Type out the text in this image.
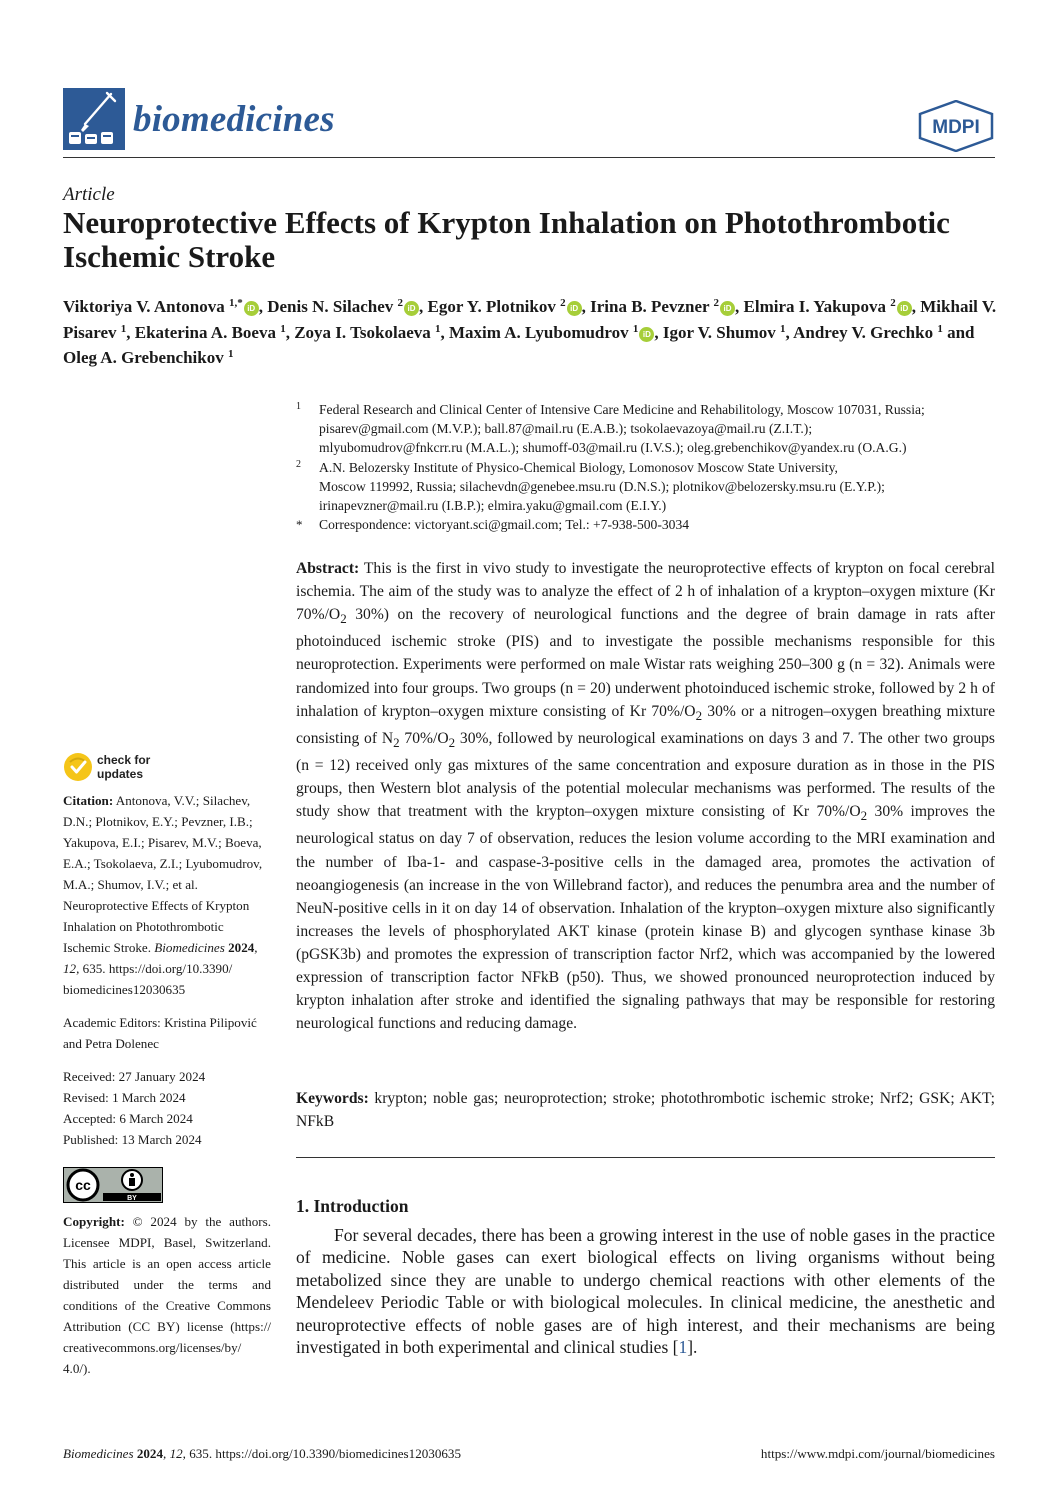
biomedicines	MDPI
Article
Neuroprotective Effects of Krypton Inhalation on Photothrombotic Ischemic Stroke

Viktoriya V. Antonova $^{1,*}$ iD , Denis N. Silachev $^2$ iD , Egor Y. Plotnikov $^2$ iD , Irina B. Pevzner $^2$ iD , Elmira I. Yakupova $^2$ iD , Mikhail V. Pisarev $^1$, Ekaterina A. Boeva $^1$, Zoya I. Tsokolaeva $^1$, Maxim A. Lyubomudrov $^1$ iD , Igor V. Shumov $^1$, Andrey V. Grechko $^1$ and Oleg A. Grebenchikov $^1$

1 Federal Research and Clinical Center of Intensive Care Medicine and Rehabilitology, Moscow 107031, Russia;
pisarev@gmail.com (M.V.P.); ball.87@mail.ru (E.A.B.); tsokolaevazoya@mail.ru (Z.I.T.);
mlyubomudrov@fnkcrr.ru (M.A.L.); shumoff-03@mail.ru (I.V.S.); oleg.grebenchikov@yandex.ru (O.A.G.)
2 A.N. Belozersky Institute of Physico-Chemical Biology, Lomonosov Moscow State University,
Moscow 119992, Russia; silachevdn@genebee.msu.ru (D.N.S.); plotnikov@belozersky.msu.ru (E.Y.P.);
irinapevzner@mail.ru (I.B.P.); elmira.yaku@gmail.com (E.I.Y.)
* Correspondence: victoryant.sci@gmail.com; Tel.: +7-938-500-3034

Abstract: This is the first in vivo study to investigate the neuroprotective effects of krypton on focal cerebral ischemia. The aim of the study was to analyze the effect of 2 h of inhalation of a krypton–oxygen mixture (Kr $70\%/O_2$ 30%) on the recovery of neurological functions and the degree of brain damage in rats after photoinduced ischemic stroke (PIS) and to investigate the possible mechanisms responsible for this neuroprotection. Experiments were performed on male Wistar rats weighing 250–300 g (n = 32). Animals were randomized into four groups. Two groups (n = 20) underwent photoinduced ischemic stroke, followed by 2 h of inhalation of krypton–oxygen mixture consisting of Kr $70\%/O_2$ 30% or a nitrogen–oxygen breathing mixture consisting of $N_2$ $70\%/O_2$ 30%, followed by neurological examinations on days 3 and 7. The other two groups (n = 12) received only gas mixtures of the same concentration and exposure duration as in those in the PIS groups, then Western blot analysis of the potential molecular mechanisms was performed. The results of the study show that treatment with the krypton–oxygen mixture consisting of Kr $70\%/O_2$ 30% improves the neurological status on day 7 of observation, reduces the lesion volume according to the MRI examination and the number of Iba-1- and caspase-3-positive cells in the damaged area, promotes the activation of neoangiogenesis (an increase in the von Willebrand factor), and reduces the penumbra area and the number of NeuN-positive cells in it on day 14 of observation. Inhalation of the krypton–oxygen mixture also significantly increases the levels of phosphorylated AKT kinase (protein kinase B) and glycogen synthase kinase 3b (pGSK3b) and promotes the expression of transcription factor Nrf2, which was accompanied by the lowered expression of transcription factor NFkB (p50). Thus, we showed pronounced neuroprotection induced by krypton inhalation after stroke and identified the signaling pathways that may be responsible for restoring neurological functions and reducing damage.

Keywords: krypton; noble gas; neuroprotection; stroke; photothrombotic ischemic stroke; Nrf2; GSK; AKT; NFkB

1. Introduction

For several decades, there has been a growing interest in the use of noble gases in the practice of medicine. Noble gases can exert biological effects on living organisms without being metabolized since they are unable to undergo chemical reactions with other elements of the Mendeleev Periodic Table or with biological molecules. In clinical medicine, the anesthetic and neuroprotective effects of noble gases are of high interest, and their mechanisms are being investigated in both experimental and clinical studies [1].

check for
updates

Citation: Antonova, V.V.; Silachev, D.N.; Plotnikov, E.Y.; Pevzner, I.B.; Yakupova, E.I.; Pisarev, M.V.; Boeva, E.A.; Tsokolaeva, Z.I.; Lyubomudrov, M.A.; Shumov, I.V.; et al. Neuroprotective Effects of Krypton Inhalation on Photothrombotic Ischemic Stroke. Biomedicines 2024, 12, 635. https://doi.org/10.3390/ biomedicines12030635

Academic Editors: Kristina Pilipović and Petra Dolenec

Received: 27 January 2024
Revised: 1 March 2024
Accepted: 6 March 2024
Published: 13 March 2024
cc
BY

Copyright: © 2024 by the authors. Licensee MDPI, Basel, Switzerland. This article is an open access article distributed under the terms and conditions of the Creative Commons Attribution (CC BY) license (https:// creativecommons.org/licenses/by/ 4.0/).

Biomedicines 2024, 12, 635. https://doi.org/10.3390/biomedicines12030635	https://www.mdpi.com/journal/biomedicines
